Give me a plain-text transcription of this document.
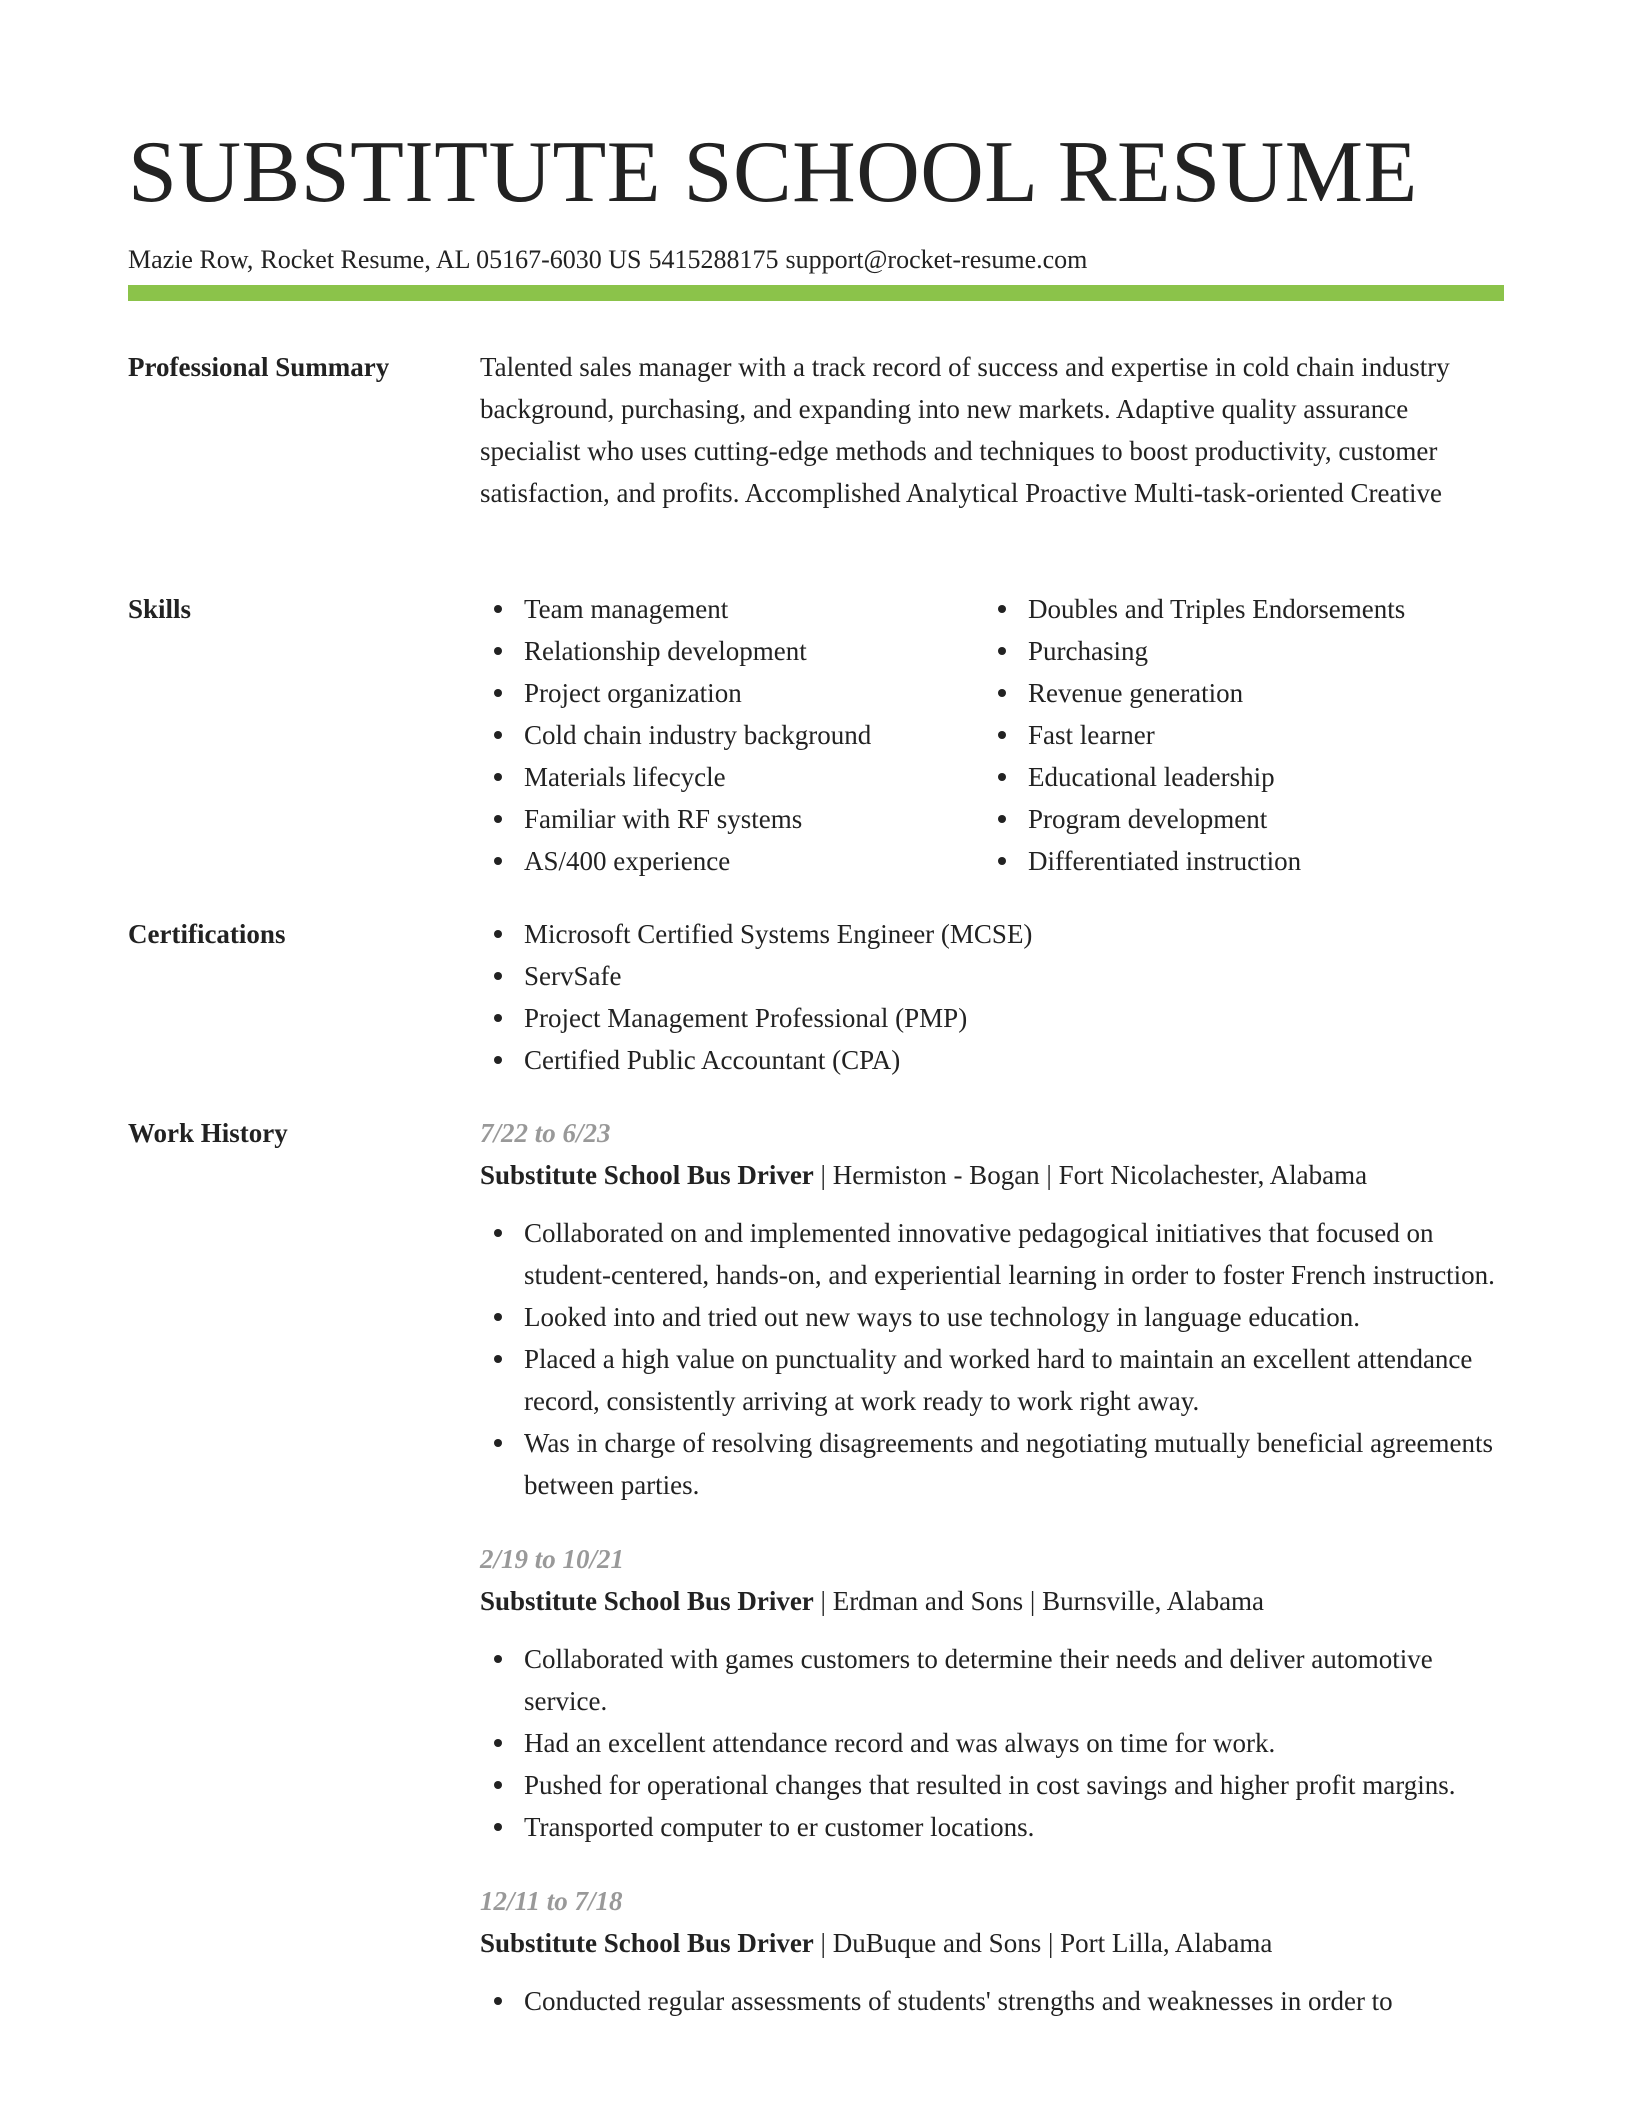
SUBSTITUTE SCHOOL RESUME
Mazie Row, Rocket Resume, AL 05167-6030 US 5415288175 support@rocket-resume.com
Professional Summary	Talented sales manager with a track record of success and expertise in cold chain industry background, purchasing, and expanding into new markets. Adaptive quality assurance specialist who uses cutting-edge methods and techniques to boost productivity, customer satisfaction, and profits. Accomplished Analytical Proactive Multi-task-oriented Creative

Skills	Team management
Relationship development
Project organization
Cold chain industry background
Materials lifecycle
Familiar with RF systems
AS/400 experience
Doubles and Triples Endorsements
Purchasing
Revenue generation
Fast learner
Educational leadership
Program development
Differentiated instruction
Certifications	Microsoft Certified Systems Engineer (MCSE)
ServSafe
Project Management Professional (PMP)
Certified Public Accountant (CPA)
Work History	7/22 to 6/23
Substitute School Bus Driver | Hermiston - Bogan | Fort Nicolachester, Alabama
Collaborated on and implemented innovative pedagogical initiatives that focused on student-centered, hands-on, and experiential learning in order to foster French instruction.
Looked into and tried out new ways to use technology in language education.
Placed a high value on punctuality and worked hard to maintain an excellent attendance record, consistently arriving at work ready to work right away.
Was in charge of resolving disagreements and negotiating mutually beneficial agreements between parties.
2/19 to 10/21
Substitute School Bus Driver | Erdman and Sons | Burnsville, Alabama
Collaborated with games customers to determine their needs and deliver automotive service.
Had an excellent attendance record and was always on time for work.
Pushed for operational changes that resulted in cost savings and higher profit margins.
Transported computer to er customer locations.
12/11 to 7/18
Substitute School Bus Driver | DuBuque and Sons | Port Lilla, Alabama
Conducted regular assessments of students' strengths and weaknesses in order to
